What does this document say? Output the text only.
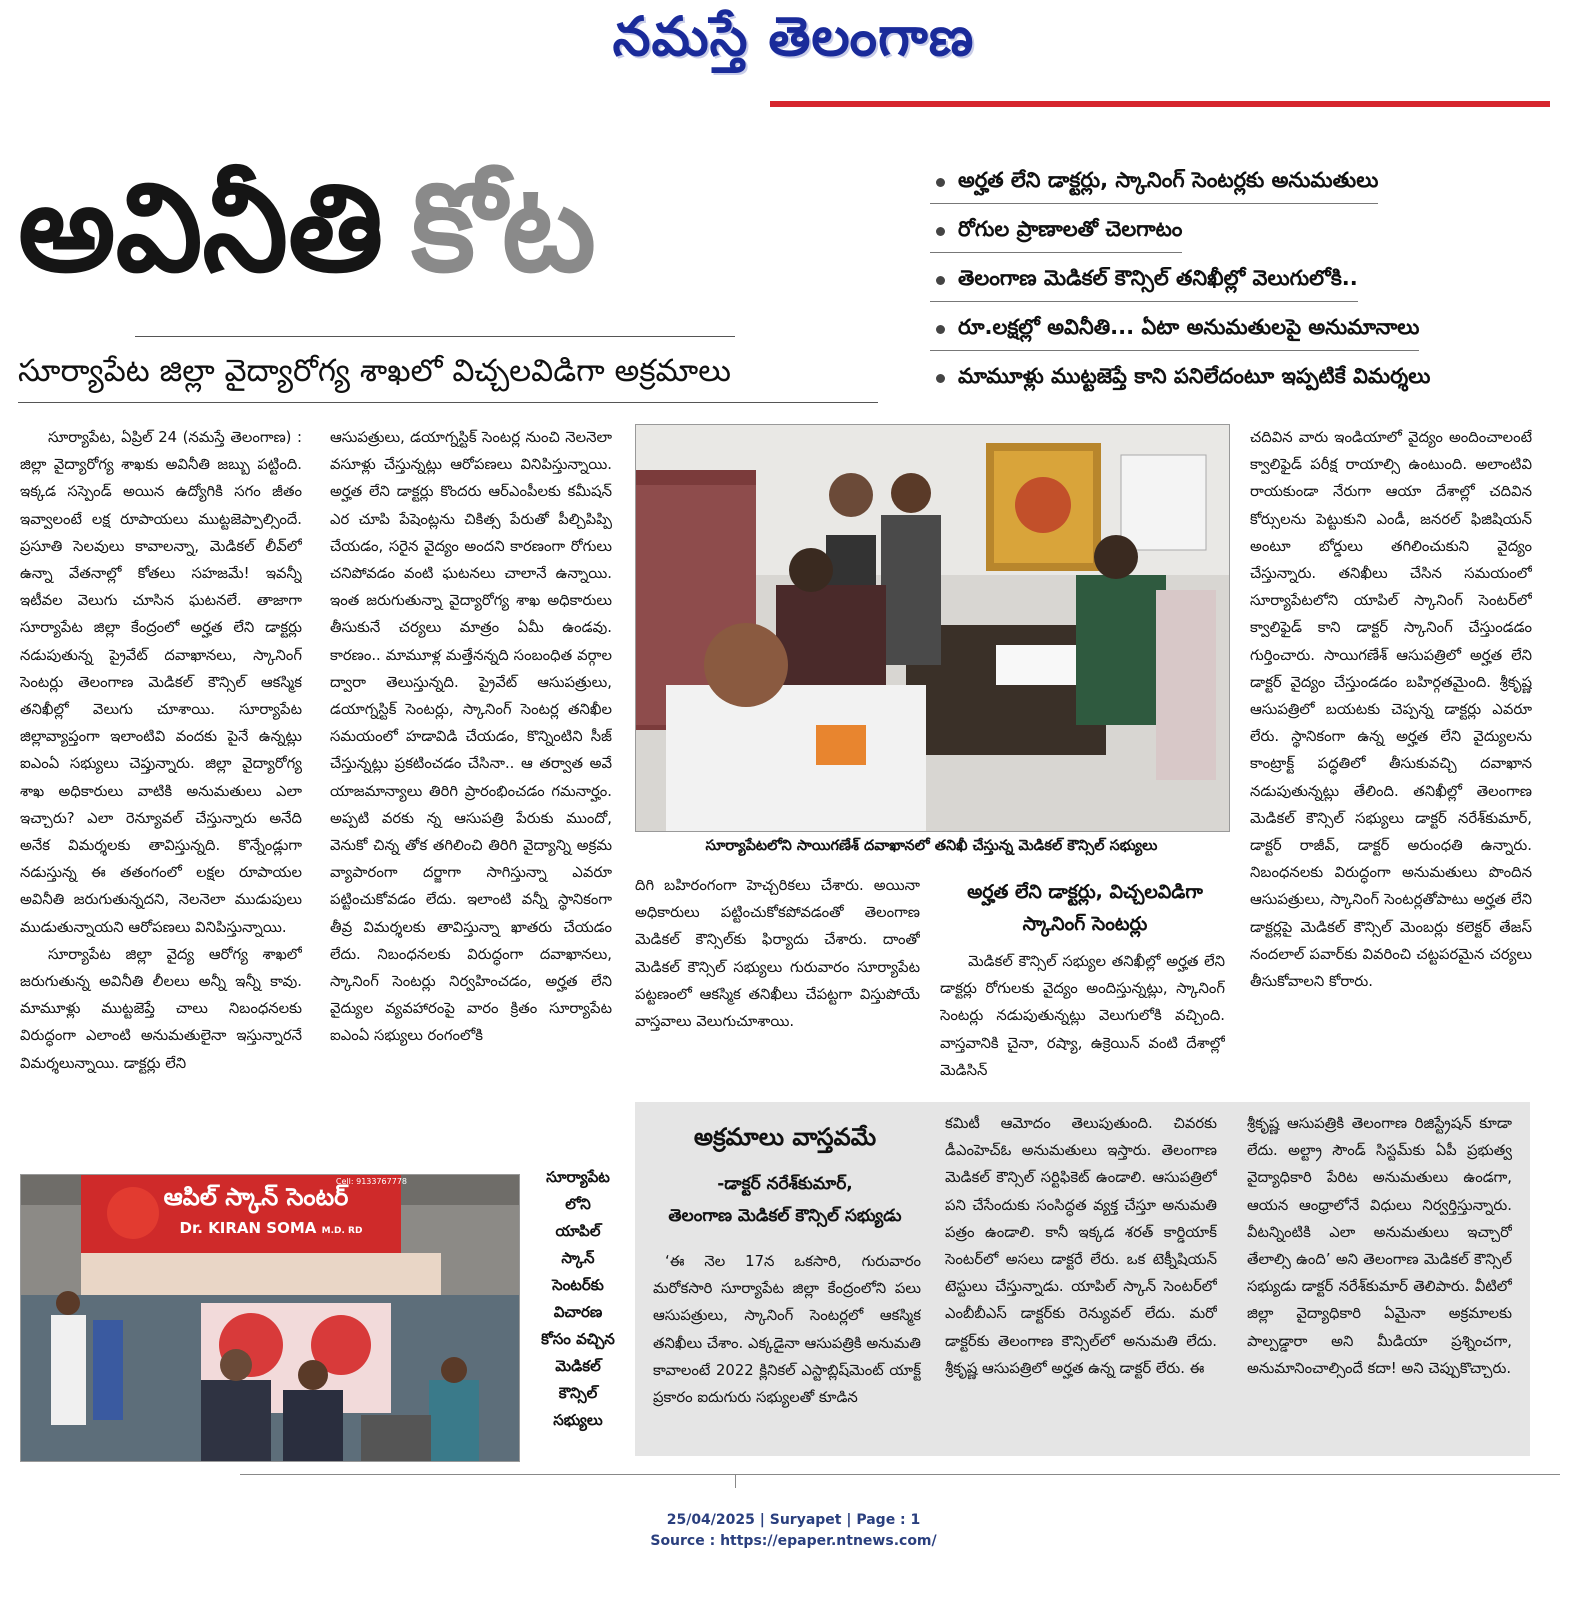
నమస్తే తెలంగాణ
అవినీతి కోట
సూర్యాపేట జిల్లా వైద్యారోగ్య శాఖలో విచ్చలవిడిగా అక్రమాలు
అర్హత లేని డాక్టర్లు, స్కానింగ్ సెంటర్లకు అనుమతులు
రోగుల ప్రాణాలతో చెలగాటం
తెలంగాణ మెడికల్ కౌన్సిల్ తనిఖీల్లో వెలుగులోకి..
రూ.లక్షల్లో అవినీతి... ఏటా అనుమతులపై అనుమానాలు
మామూళ్లు ముట్టజెప్తే కాని పనిలేదంటూ ఇప్పటికే విమర్శలు

సూర్యాపేట, ఏప్రిల్ 24 (నమస్తే తెలంగాణ) : జిల్లా వైద్యారోగ్య శాఖకు అవినీతి జబ్బు పట్టింది. ఇక్కడ సస్పెండ్ అయిన ఉద్యోగికి సగం జీతం ఇవ్వాలంటే లక్ష రూపాయలు ముట్టజెప్పాల్సిందే. ప్రసూతి సెలవులు కావాలన్నా, మెడికల్ లీవ్‌లో ఉన్నా వేతనాల్లో కోతలు సహజమే! ఇవన్నీ ఇటీవల వెలుగు చూసిన ఘటనలే. తాజాగా సూర్యాపేట జిల్లా కేంద్రంలో అర్హత లేని డాక్టర్లు నడుపుతున్న ప్రైవేట్ దవాఖానలు, స్కానింగ్ సెంటర్లు తెలంగాణ మెడికల్ కౌన్సిల్ ఆకస్మిక తనిఖీల్లో వెలుగు చూశాయి. సూర్యాపేట జిల్లావ్యాప్తంగా ఇలాంటివి వందకు పైనే ఉన్నట్లు ఐఎంఏ సభ్యులు చెప్తున్నారు. జిల్లా వైద్యారోగ్య శాఖ అధికారులు వాటికి అనుమతులు ఎలా ఇచ్చారు? ఎలా రెన్యూవల్ చేస్తున్నారు అనేది అనేక విమర్శలకు తావిస్తున్నది. కొన్నేండ్లుగా నడుస్తున్న ఈ తతంగంలో లక్షల రూపాయల అవినీతి జరుగుతున్నదని, నెలనెలా ముడుపులు ముడుతున్నాయని ఆరోపణలు వినిపిస్తున్నాయి.

సూర్యాపేట జిల్లా వైద్య ఆరోగ్య శాఖలో జరుగుతున్న అవినీతి లీలలు అన్నీ ఇన్నీ కావు. మామూళ్లు ముట్టజెప్తే చాలు నిబంధనలకు విరుద్ధంగా ఎలాంటి అనుమతులైనా ఇస్తున్నారనే విమర్శలున్నాయి. డాక్టర్లు లేని

ఆసుపత్రులు, డయాగ్నస్టిక్ సెంటర్ల నుంచి నెలనెలా వసూళ్లు చేస్తున్నట్లు ఆరోపణలు వినిపిస్తున్నాయి. అర్హత లేని డాక్టర్లు కొందరు ఆర్‌ఎంపీలకు కమీషన్ ఎర చూపి పేషెంట్లను చికిత్స పేరుతో పీల్చిపిప్పి చేయడం, సరైన వైద్యం అందని కారణంగా రోగులు చనిపోవడం వంటి ఘటనలు చాలానే ఉన్నాయి. ఇంత జరుగుతున్నా వైద్యారోగ్య శాఖ అధికారులు తీసుకునే చర్యలు మాత్రం ఏమీ ఉండవు. కారణం.. మామూళ్ల మత్తేనన్నది సంబంధిత వర్గాల ద్వారా తెలుస్తున్నది. ప్రైవేట్ ఆసుపత్రులు, డయాగ్నస్టిక్ సెంటర్లు, స్కానింగ్ సెంటర్ల తనిఖీల సమయంలో హడావిడి చేయడం, కొన్నింటిని సీజ్ చేస్తున్నట్లు ప్రకటించడం చేసినా.. ఆ తర్వాత అవే యాజమాన్యాలు తిరిగి ప్రారంభించడం గమనార్హం. అప్పటి వరకు న్న ఆసుపత్రి పేరుకు ముందో, వెనుకో చిన్న తోక తగిలించి తిరిగి వైద్యాన్ని అక్రమ వ్యాపారంగా దర్జాగా సాగిస్తున్నా ఎవరూ పట్టించుకోవడం లేదు. ఇలాంటి వన్నీ స్థానికంగా తీవ్ర విమర్శలకు తావిస్తున్నా ఖాతరు చేయడం లేదు. నిబంధనలకు విరుద్ధంగా దవాఖానలు, స్కానింగ్ సెంటర్లు నిర్వహించడం, అర్హత లేని వైద్యుల వ్యవహారంపై వారం క్రితం సూర్యాపేట ఐఎంఏ సభ్యులు రంగంలోకి

సూర్యాపేటలోని సాయిగణేశ్ దవాఖానలో తనిఖీ చేస్తున్న మెడికల్ కౌన్సిల్ సభ్యులు

దిగి బహిరంగంగా హెచ్చరికలు చేశారు. అయినా అధికారులు పట్టించుకోకపోవడంతో తెలంగాణ మెడికల్ కౌన్సిల్‌కు ఫిర్యాదు చేశారు. దాంతో మెడికల్ కౌన్సిల్ సభ్యులు గురువారం సూర్యాపేట పట్టణంలో ఆకస్మిక తనిఖీలు చేపట్టగా విస్తుపోయే వాస్తవాలు వెలుగుచూశాయి.

అర్హత లేని డాక్టర్లు, విచ్చలవిడిగా స్కానింగ్ సెంటర్లు

మెడికల్ కౌన్సిల్ సభ్యుల తనిఖీల్లో అర్హత లేని డాక్టర్లు రోగులకు వైద్యం అందిస్తున్నట్లు, స్కానింగ్ సెంటర్లు నడుపుతున్నట్లు వెలుగులోకి వచ్చింది. వాస్తవానికి చైనా, రష్యా, ఉక్రెయిన్ వంటి దేశాల్లో మెడిసిన్

చదివిన వారు ఇండియాలో వైద్యం అందించాలంటే క్వాలిఫైడ్ పరీక్ష రాయాల్సి ఉంటుంది. అలాంటివి రాయకుండా నేరుగా ఆయా దేశాల్లో చదివిన కోర్సులను పెట్టుకుని ఎండీ, జనరల్ ఫిజిషియన్ అంటూ బోర్డులు తగిలించుకుని వైద్యం చేస్తున్నారు. తనిఖీలు చేసిన సమయంలో సూర్యాపేటలోని యాపిల్ స్కానింగ్ సెంటర్‌లో క్వాలిఫైడ్ కాని డాక్టర్ స్కానింగ్ చేస్తుండడం గుర్తించారు. సాయిగణేశ్ ఆసుపత్రిలో అర్హత లేని డాక్టర్ వైద్యం చేస్తుండడం బహిర్గతమైంది. శ్రీకృష్ణ ఆసుపత్రిలో బయటకు చెప్పన్న డాక్టర్లు ఎవరూ లేరు. స్థానికంగా ఉన్న అర్హత లేని వైద్యులను కాంట్రాక్ట్ పద్ధతిలో తీసుకువచ్చి దవాఖాన నడుపుతున్నట్లు తేలింది. తనిఖీల్లో తెలంగాణ మెడికల్ కౌన్సిల్ సభ్యులు డాక్టర్ నరేశ్‌కుమార్, డాక్టర్ రాజీవ్, డాక్టర్ అరుంధతి ఉన్నారు. నిబంధనలకు విరుద్ధంగా అనుమతులు పొందిన ఆసుపత్రులు, స్కానింగ్ సెంటర్లతోపాటు అర్హత లేని డాక్టర్లపై మెడికల్ కౌన్సిల్ మెంబర్లు కలెక్టర్ తేజస్ నందలాల్ పవార్‌కు వివరించి చట్టపరమైన చర్యలు తీసుకోవాలని కోరారు.

ఆపిల్ స్కాన్ సెంటర్
Dr. KIRAN SOMA M.D. RD
Cell: 9133767778	సూర్యాపేట
లోని
యాపిల్
స్కాన్
సెంటర్‌కు
విచారణ
కోసం వచ్చిన
మెడికల్
కౌన్సిల్
సభ్యులు
అక్రమాలు వాస్తవమే
-డాక్టర్ నరేశ్‌కుమార్,
తెలంగాణ మెడికల్ కౌన్సిల్ సభ్యుడు

‘ఈ నెల 17న ఒకసారి, గురువారం మరోకసారి సూర్యాపేట జిల్లా కేంద్రంలోని పలు ఆసుపత్రులు, స్కానింగ్ సెంటర్లలో ఆకస్మిక తనిఖీలు చేశాం. ఎక్కడైనా ఆసుపత్రికి అనుమతి కావాలంటే 2022 క్లినికల్ ఎస్టాబ్లిష్‌మెంట్ యాక్ట్ ప్రకారం ఐదుగురు సభ్యులతో కూడిన

కమిటీ ఆమోదం తెలుపుతుంది. చివరకు డీఎంహెచ్‌ఓ అనుమతులు ఇస్తారు. తెలంగాణ మెడికల్ కౌన్సిల్ సర్టిఫికెట్ ఉండాలి. ఆసుపత్రిలో పని చేసేందుకు సంసిద్ధత వ్యక్త చేస్తూ అనుమతి పత్రం ఉండాలి. కానీ ఇక్కడ శరత్ కార్డియాక్ సెంటర్‌లో అసలు డాక్టరే లేరు. ఒక టెక్నీషియన్ టెస్టులు చేస్తున్నాడు. యాపిల్ స్కాన్ సెంటర్‌లో ఎంబీబీఎస్ డాక్టర్‌కు రెన్యువల్ లేదు. మరో డాక్టర్‌కు తెలంగాణ కౌన్సిల్‌లో అనుమతి లేదు. శ్రీకృష్ణ ఆసుపత్రిలో అర్హత ఉన్న డాక్టర్ లేరు. ఈ

శ్రీకృష్ణ ఆసుపత్రికి తెలంగాణ రిజిస్ట్రేషన్ కూడా లేదు. అల్ట్రా సౌండ్ సిస్టమ్‌కు ఏపీ ప్రభుత్వ వైద్యాధికారి పేరిట అనుమతులు ఉండగా, ఆయన ఆంధ్రాలోనే విధులు నిర్వర్తిస్తున్నారు. వీటన్నింటికి ఎలా అనుమతులు ఇచ్చారో తేలాల్సి ఉంది’ అని తెలంగాణ మెడికల్ కౌన్సిల్ సభ్యుడు డాక్టర్ నరేశ్‌కుమార్ తెలిపారు. వీటిలో జిల్లా వైద్యాధికారి ఏమైనా అక్రమాలకు పాల్పడ్డారా అని మీడియా ప్రశ్నించగా, అనుమానించాల్సిందే కదా! అని చెప్పుకొచ్చారు.

25/04/2025 | Suryapet | Page : 1
Source : https://epaper.ntnews.com/
